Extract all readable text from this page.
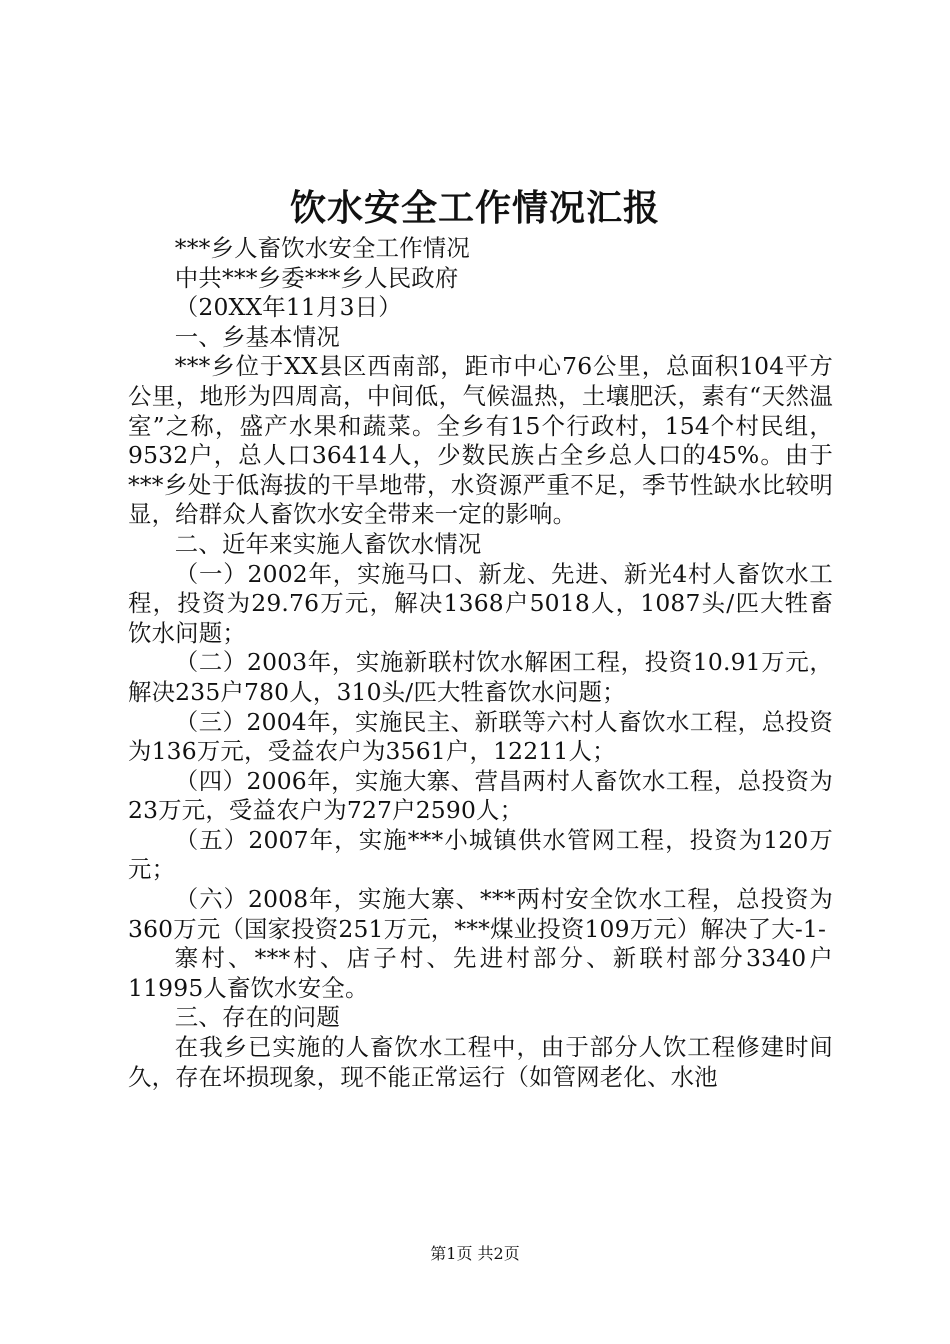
饮水安全工作情况汇报

***乡人畜饮水安全工作情况

中共***乡委***乡人民政府

（20XX年11月3日）

一、乡基本情况

***乡位于XX县区西南部，距市中心76公里，总面积104平方公里，地形为四周高，中间低，气候温热，土壤肥沃，素有“天然温室”之称，盛产水果和蔬菜。全乡有15个行政村，154个村民组，9532户，总人口36414人，少数民族占全乡总人口的45%。由于***乡处于低海拔的干旱地带，水资源严重不足，季节性缺水比较明显，给群众人畜饮水安全带来一定的影响。

二、近年来实施人畜饮水情况

（一）2002年，实施马口、新龙、先进、新光4村人畜饮水工程，投资为29.76万元，解决1368户5018人，1087头/匹大牲畜饮水问题；

（二）2003年，实施新联村饮水解困工程，投资10.91万元，解决235户780人，310头/匹大牲畜饮水问题；

（三）2004年，实施民主、新联等六村人畜饮水工程，总投资为136万元，受益农户为3561户，12211人；

（四）2006年，实施大寨、营昌两村人畜饮水工程，总投资为23万元，受益农户为727户2590人；

（五）2007年，实施***小城镇供水管网工程，投资为120万元；

（六）2008年，实施大寨、***两村安全饮水工程，总投资为360万元（国家投资251万元，***煤业投资109万元）解决了大-1-

寨村、***村、店子村、先进村部分、新联村部分3340户11995人畜饮水安全。

三、存在的问题

在我乡已实施的人畜饮水工程中，由于部分人饮工程修建时间久，存在坏损现象，现不能正常运行（如管网老化、水池

第1页 共2页
